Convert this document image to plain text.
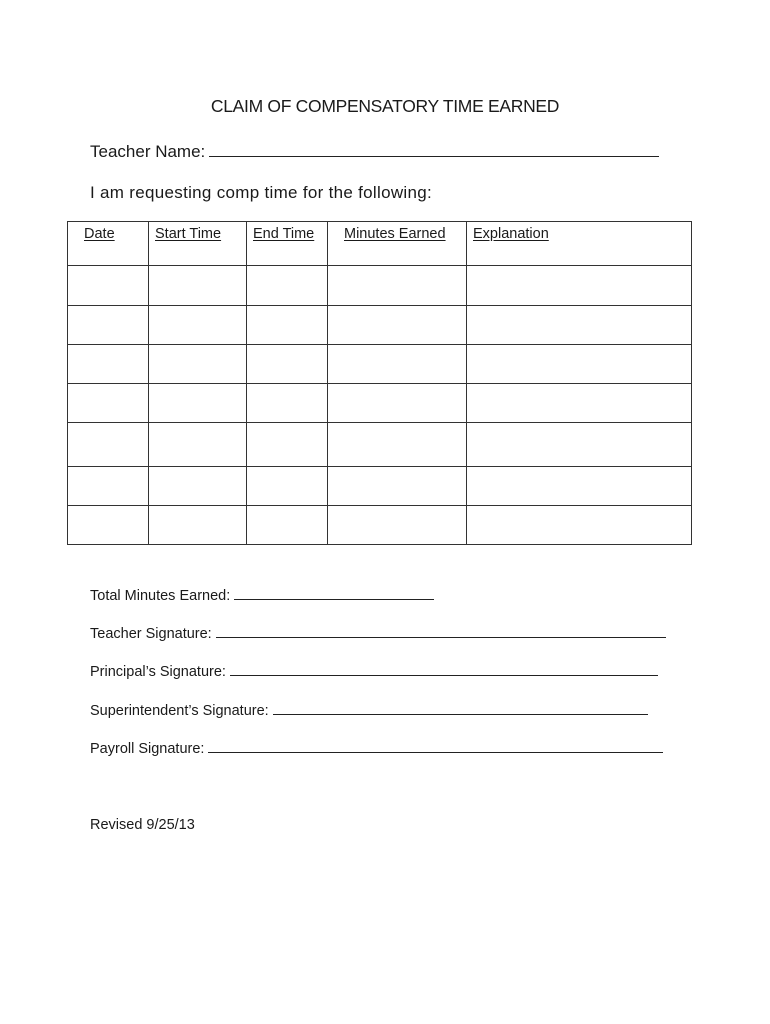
CLAIM OF COMPENSATORY TIME EARNED
Teacher Name:
I am requesting comp time for the following:
Date	Start Time	End Time	Minutes Earned	Explanation

Total Minutes Earned:
Teacher Signature:
Principal’s Signature:
Superintendent’s Signature:
Payroll Signature:
Revised 9/25/13
